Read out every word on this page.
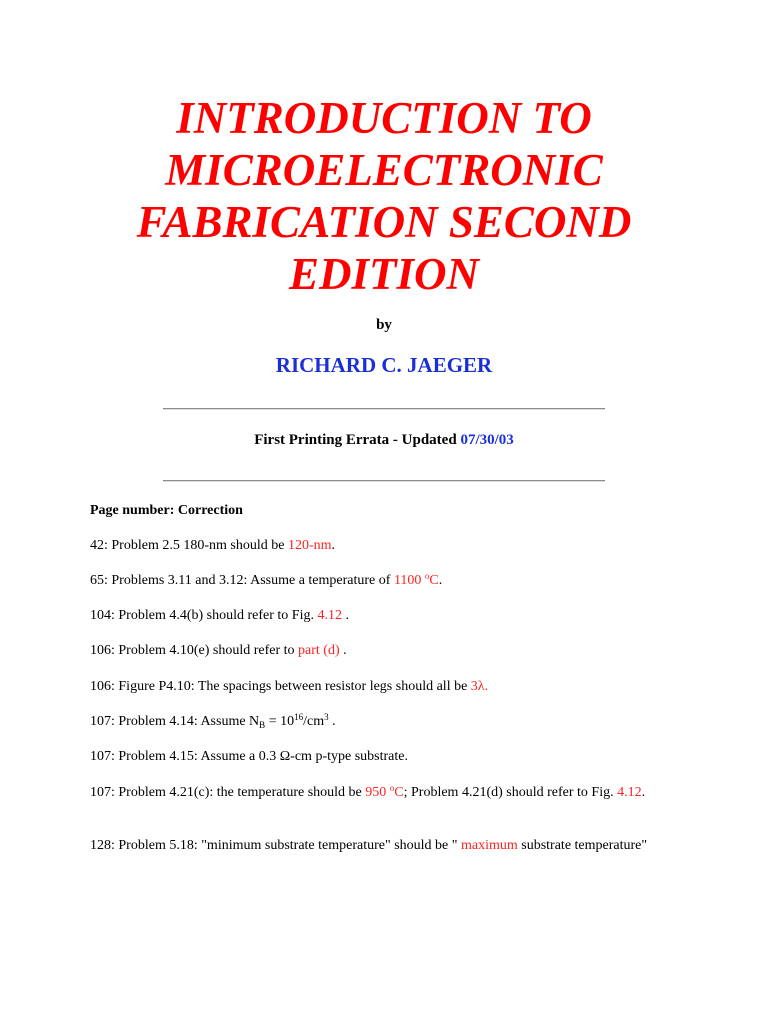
INTRODUCTION TO MICROELECTRONIC FABRICATION SECOND EDITION
by
RICHARD C. JAEGER
First Printing Errata - Updated 07/30/03
Page number: Correction
42: Problem 2.5 180-nm should be 120-nm.
65: Problems 3.11 and 3.12: Assume a temperature of 1100 $^o$C.
104: Problem 4.4(b) should refer to Fig. 4.12 .
106: Problem 4.10(e) should refer to part (d) .
106: Figure P4.10: The spacings between resistor legs should all be 3λ.
107: Problem 4.14: Assume $N_B = 10^{16}/cm^3$ .
107: Problem 4.15: Assume a 0.3 Ω-cm p-type substrate.
107: Problem 4.21(c): the temperature should be 950 $^o$C; Problem 4.21(d) should refer to Fig. 4.12.
128: Problem 5.18: "minimum substrate temperature" should be " maximum substrate temperature"
